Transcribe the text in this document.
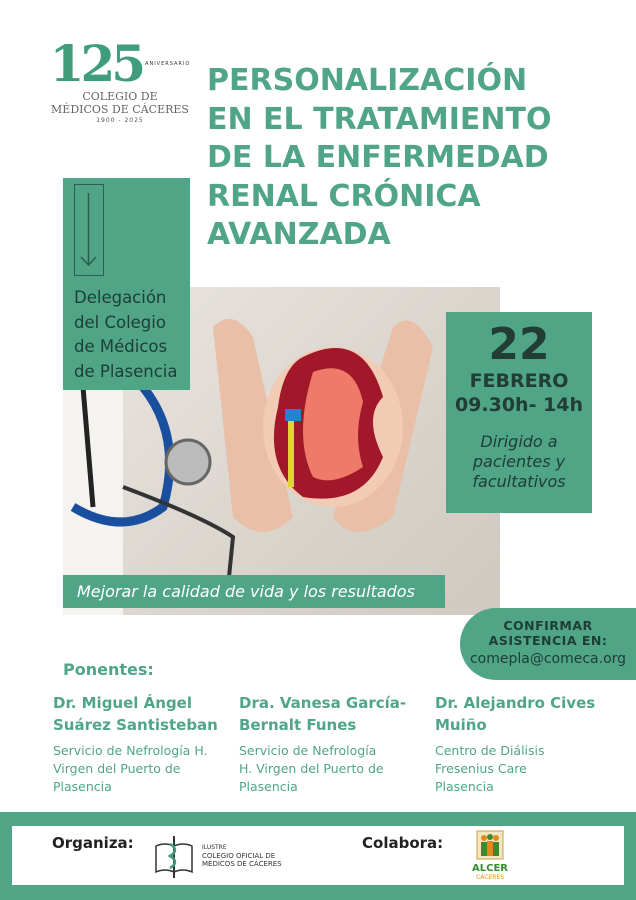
125 ANIVERSARIO
COLEGIO DE
MÉDICOS DE CÁCERES
1900 - 2025
PERSONALIZACIÓN
EN EL TRATAMIENTO
DE LA ENFERMEDAD
RENAL CRÓNICA
AVANZADA
Delegación
del Colegio
de Médicos
de Plasencia
22
FEBRERO
09.30h- 14h
Dirigido a
pacientes y
facultativos
Mejorar la calidad de vida y los resultados
CONFIRMAR
ASISTENCIA EN:
comepla@comeca.org
Ponentes:
Dr. Miguel Ángel
Suárez Santisteban
Servicio de Nefrología H.
Virgen del Puerto de
Plasencia
Dra. Vanesa García-
Bernalt Funes
Servicio de Nefrología
H. Virgen del Puerto de
Plasencia
Dr. Alejandro Cives
Muiño
Centro de Diálisis
Fresenius Care
Plasencia
Organiza:	ILUSTRE
COLEGIO OFICIAL DE
MÉDICOS DE CÁCERES
Colabora:
ALCER
CÁCERES
